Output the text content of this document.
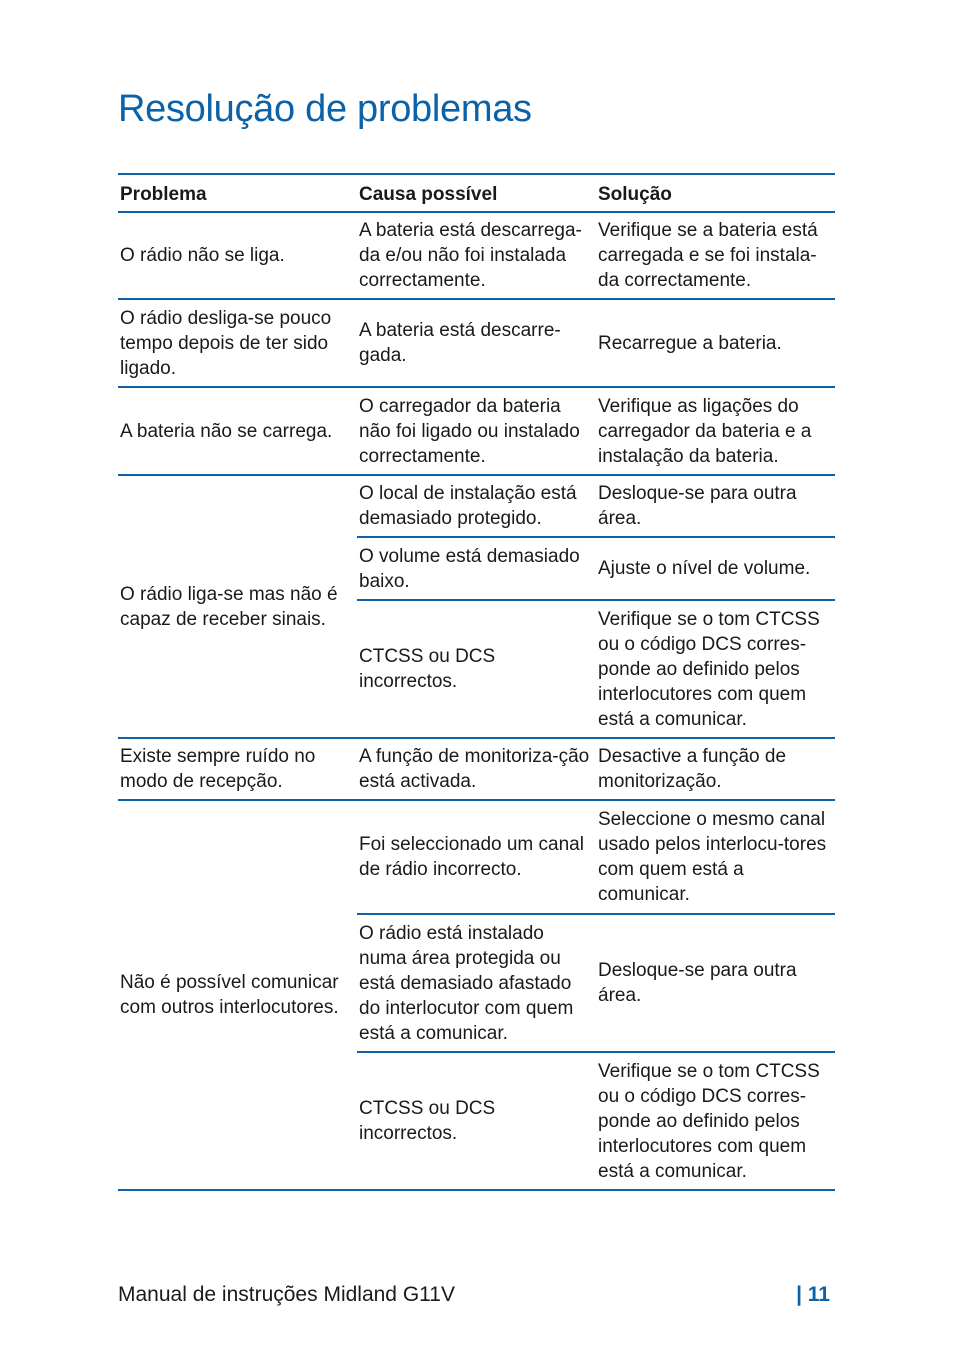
Resolução de problemas
Problema	Causa possível	Solução
O rádio não se liga.	A bateria está descarrega-da e/ou não foi instalada correctamente.	Verifique se a bateria está carregada e se foi instala-da correctamente.
O rádio desliga-se pouco tempo depois de ter sido ligado.	A bateria está descarre-gada.	Recarregue a bateria.
A bateria não se carrega.	O carregador da bateria não foi ligado ou instalado correctamente.	Verifique as ligações do carregador da bateria e a instalação da bateria.
O rádio liga-se mas não é capaz de receber sinais.	O local de instalação está demasiado protegido.	Desloque-se para outra área.
	O volume está demasiado baixo.	Ajuste o nível de volume.
	CTCSS ou DCS incorrectos.	Verifique se o tom CTCSS ou o código DCS corres-ponde ao definido pelos interlocutores com quem está a comunicar.
Existe sempre ruído no modo de recepção.	A função de monitoriza-ção está activada.	Desactive a função de monitorização.
Não é possível comunicar com outros interlocutores.	Foi seleccionado um canal de rádio incorrecto.	Seleccione o mesmo canal usado pelos interlocu-tores com quem está a comunicar.
	O rádio está instalado numa área protegida ou está demasiado afastado do interlocutor com quem está a comunicar.	Desloque-se para outra área.
	CTCSS ou DCS incorrectos.	Verifique se o tom CTCSS ou o código DCS corres-ponde ao definido pelos interlocutores com quem está a comunicar.
Manual de instruções Midland G11V	| 11
